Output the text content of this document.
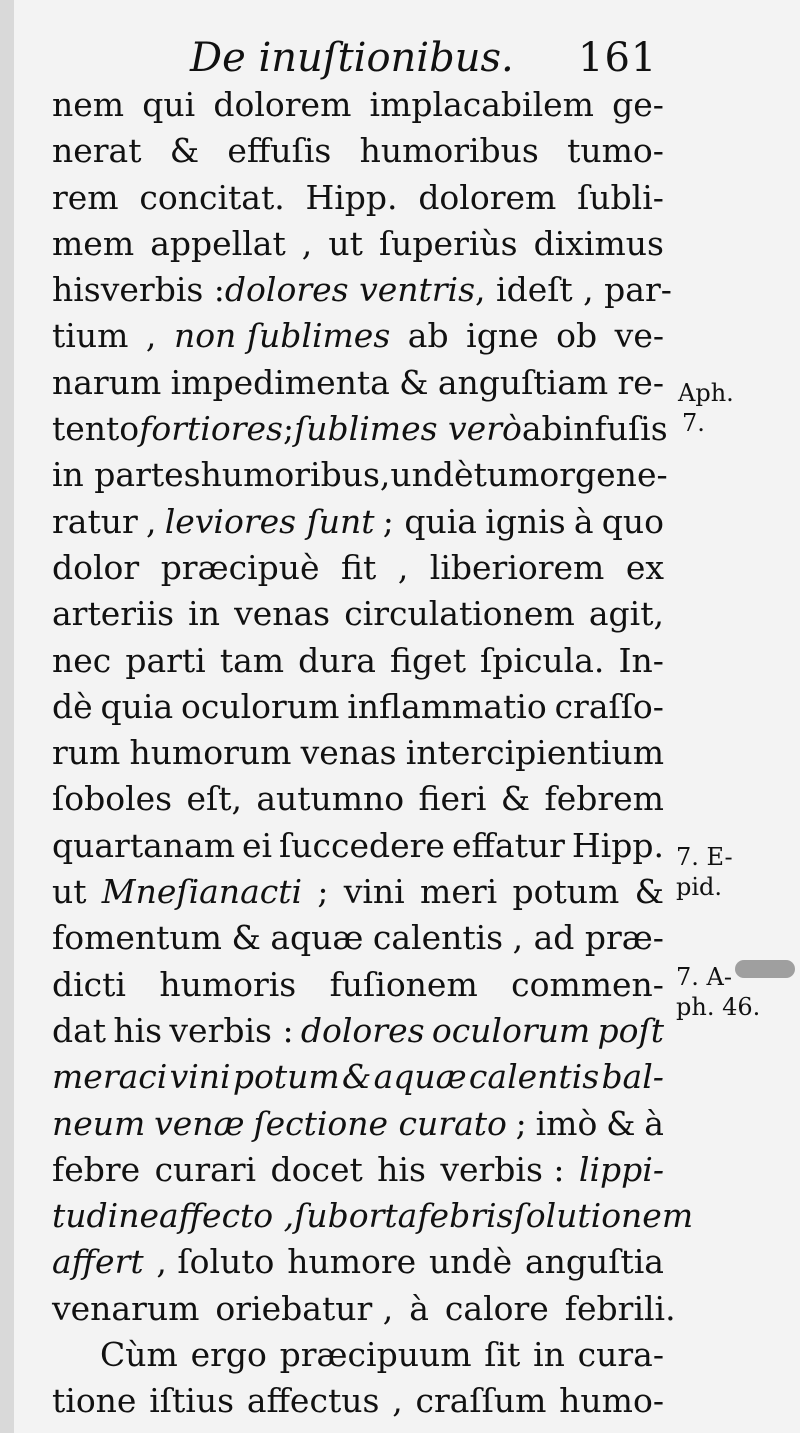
De inuſtionibus. 161
nem qui dolorem implacabilem ge-
nerat & effuſis humoribus tumo-
rem concitat. Hipp. dolorem ſubli-
mem appellat , ut ſuperiùs diximus
his verbis : dolores ventris , ideſt , par-
tium , non ſublimes ab igne ob ve-
narum impedimenta & anguſtiam re-
tento fortiores ; ſublimes verò ab infuſis
in partes humoribus,undè tumor gene-
ratur , leviores ſunt ; quia ignis à quo
dolor præcipuè fit , liberiorem ex
arteriis in venas circulationem agit,
nec parti tam dura figet ſpicula. In-
dè quia oculorum inflammatio craſſo-
rum humorum venas intercipientium
ſoboles eſt, autumno fieri & febrem
quartanam ei ſuccedere effatur Hipp.
ut Mneſianacti ; vini meri potum &
fomentum & aquæ calentis , ad præ-
dicti humoris fuſionem commen-
dat his verbis : dolores oculorum poſt
meraci vini potum & aquæ calentis bal-
neum venæ ſectione curato ; imò & à
febre curari docet his verbis : lippi-
tudine affecto , ſuborta febris ſolutionem
affert , ſoluto humore undè anguſtia
venarum oriebatur , à calore febrili.
Cùm ergo præcipuum ſit in cura-
tione iſtius affectus , craſſum humo-
Aph.
7.
7. E-
pid.
7. A-
ph. 46.
